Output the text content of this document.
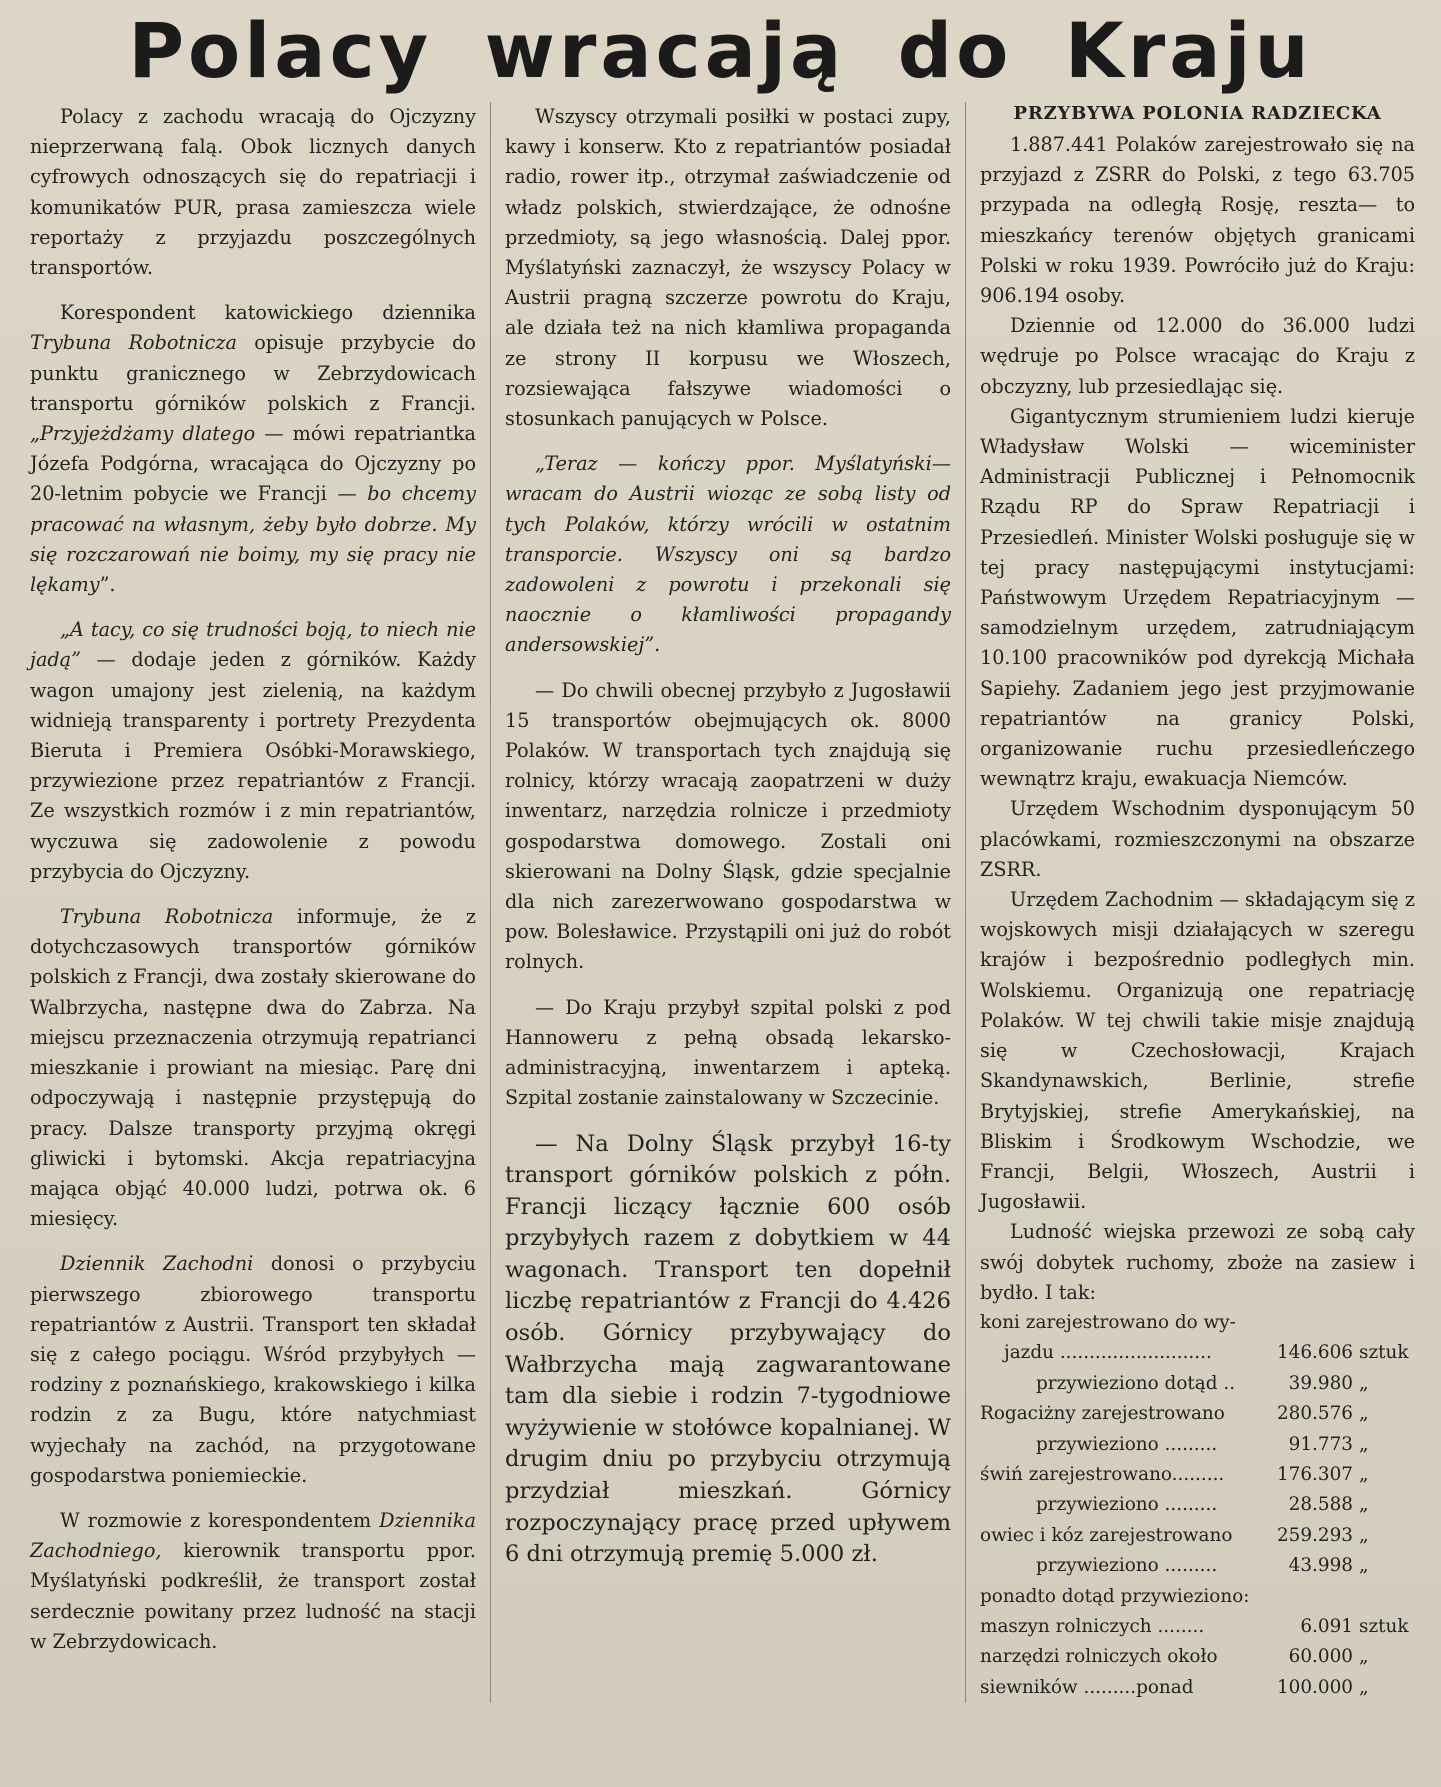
Polacy wracają do Kraju

Polacy z zachodu wracają do Ojczyzny nieprzerwaną falą. Obok licznych danych cyfrowych odnoszących się do repatriacji i komunikatów PUR, prasa zamieszcza wiele reportaży z przyjazdu poszczególnych transportów.

Korespondent katowickiego dziennika Trybuna Robotnicza opisuje przybycie do punktu granicznego w Zebrzydowicach transportu górników polskich z Francji. „Przyjeżdżamy dlatego — mówi repatriantka Józefa Podgórna, wracająca do Ojczyzny po 20-letnim pobycie we Francji — bo chcemy pracować na własnym, żeby było dobrze. My się rozczarowań nie boimy, my się pracy nie lękamy”.

„A tacy, co się trudności boją, to niech nie jadą” — dodaje jeden z górników. Każdy wagon umajony jest zielenią, na każdym widnieją transparenty i portrety Prezydenta Bieruta i Premiera Osóbki-Morawskiego, przywiezione przez repatriantów z Francji. Ze wszystkich rozmów i z min repatriantów, wyczuwa się zadowolenie z powodu przybycia do Ojczyzny.

Trybuna Robotnicza informuje, że z dotychczasowych transportów górników polskich z Francji, dwa zostały skierowane do Walbrzycha, następne dwa do Zabrza. Na miejscu przeznaczenia otrzymują repatrianci mieszkanie i prowiant na miesiąc. Parę dni odpoczywają i następnie przystępują do pracy. Dalsze transporty przyjmą okręgi gliwicki i bytomski. Akcja repatriacyjna mająca objąć 40.000 ludzi, potrwa ok. 6 miesięcy.

Dziennik Zachodni donosi o przybyciu pierwszego zbiorowego transportu repatriantów z Austrii. Transport ten składał się z całego pociągu. Wśród przybyłych — rodziny z poznańskiego, krakowskiego i kilka rodzin z za Bugu, które natychmiast wyjechały na zachód, na przygotowane gospodarstwa poniemieckie.

W rozmowie z korespondentem Dziennika Zachodniego, kierownik transportu ppor. Myślatyński podkreślił, że transport został serdecznie powitany przez ludność na stacji w Zebrzydowicach.

Wszyscy otrzymali posiłki w postaci zupy, kawy i konserw. Kto z repatriantów posiadał radio, rower itp., otrzymał zaświadczenie od władz polskich, stwierdzające, że odnośne przedmioty, są jego własnością. Dalej ppor. Myślatyński zaznaczył, że wszyscy Polacy w Austrii pragną szczerze powrotu do Kraju, ale działa też na nich kłamliwa propaganda ze strony II korpusu we Włoszech, rozsiewająca fałszywe wiadomości o stosunkach panujących w Polsce.

„Teraz — kończy ppor. Myślatyński— wracam do Austrii wioząc ze sobą listy od tych Polaków, którzy wrócili w ostatnim transporcie. Wszyscy oni są bardzo zadowoleni z powrotu i przekonali się naocznie o kłamliwości propagandy andersowskiej”.

— Do chwili obecnej przybyło z Jugosławii 15 transportów obejmujących ok. 8000 Polaków. W transportach tych znajdują się rolnicy, którzy wracają zaopatrzeni w duży inwentarz, narzędzia rolnicze i przedmioty gospodarstwa domowego. Zostali oni skierowani na Dolny Śląsk, gdzie specjalnie dla nich zarezerwowano gospodarstwa w pow. Bolesławice. Przystąpili oni już do robót rolnych.

— Do Kraju przybył szpital polski z pod Hannoweru z pełną obsadą lekarsko-administracyjną, inwentarzem i apteką. Szpital zostanie zainstalowany w Szczecinie.

— Na Dolny Śląsk przybył 16-ty transport górników polskich z półn. Francji liczący łącznie 600 osób przybyłych razem z dobytkiem w 44 wagonach. Transport ten dopełnił liczbę repatriantów z Francji do 4.426 osób. Górnicy przybywający do Wałbrzycha mają zagwarantowane tam dla siebie i rodzin 7-tygodniowe wyżywienie w stołówce kopalnianej. W drugim dniu po przybyciu otrzymują przydział mieszkań. Górnicy rozpoczynający pracę przed upływem 6 dni otrzymują premię 5.000 zł.

PRZYBYWA POLONIA RADZIECKA

1.887.441 Polaków zarejestrowało się na przyjazd z ZSRR do Polski, z tego 63.705 przypada na odległą Rosję, reszta— to mieszkańcy terenów objętych granicami Polski w roku 1939. Powróciło już do Kraju: 906.194 osoby.

Dziennie od 12.000 do 36.000 ludzi wędruje po Polsce wracając do Kraju z obczyzny, lub przesiedlając się.

Gigantycznym strumieniem ludzi kieruje Władysław Wolski — wiceminister Administracji Publicznej i Pełnomocnik Rządu RP do Spraw Repatriacji i Przesiedleń. Minister Wolski posługuje się w tej pracy następującymi instytucjami: Państwowym Urzędem Repatriacyjnym — samodzielnym urzędem, zatrudniającym 10.100 pracowników pod dyrekcją Michała Sapiehy. Zadaniem jego jest przyjmowanie repatriantów na granicy Polski, organizowanie ruchu przesiedleńczego wewnątrz kraju, ewakuacja Niemców.

Urzędem Wschodnim dysponującym 50 placówkami, rozmieszczonymi na obszarze ZSRR.

Urzędem Zachodnim — składającym się z wojskowych misji działających w szeregu krajów i bezpośrednio podległych min. Wolskiemu. Organizują one repatriację Polaków. W tej chwili takie misje znajdują się w Czechosłowacji, Krajach Skandynawskich, Berlinie, strefie Brytyjskiej, strefie Amerykańskiej, na Bliskim i Środkowym Wschodzie, we Francji, Belgii, Włoszech, Austrii i Jugosławii.

Ludność wiejska przewozi ze sobą cały swój dobytek ruchomy, zboże na zasiew i bydło. I tak:

koni zarejestrowano do wy-
jazdu ..........................	146.606	sztuk
przywieziono dotąd ..	39.980	„
Rogaciżny zarejestrowano	280.576	„
przywieziono .........	91.773	„
świń zarejestrowano.........	176.307	„
przywieziono .........	28.588	„
owiec i kóz zarejestrowano	259.293	„
przywieziono .........	43.998	„
ponadto dotąd przywieziono:
maszyn rolniczych ........	6.091	sztuk
narzędzi rolniczych około	60.000	„
siewników .........ponad	100.000	„
